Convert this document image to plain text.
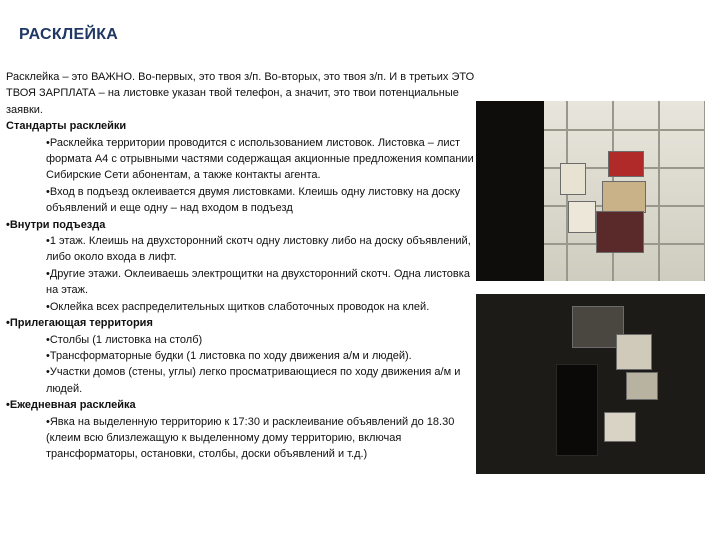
РАСКЛЕЙКА

Расклейка – это ВАЖНО. Во-первых, это твоя з/п. Во-вторых, это твоя з/п. И в третьих ЭТО ТВОЯ ЗАРПЛАТА – на листовке указан твой телефон, а значит, это твои потенциальные заявки.

Стандарты расклейки

•Расклейка территории проводится с использованием листовок. Листовка – лист формата А4 с отрывными частями содержащая акционные предложения компании Сибирские Сети абонентам, а также контакты агента.

•Вход в подъезд оклеивается двумя листовками. Клеишь одну листовку на доску объявлений и еще одну – над входом в подъезд

•Внутри подъезда

•1 этаж. Клеишь на двухсторонний скотч одну листовку либо на доску объявлений, либо около входа в лифт.

•Другие этажи. Оклеиваешь электрощитки на двухсторонний скотч. Одна листовка на этаж.

•Оклейка всех распределительных щитков слаботочных проводок на клей.

•Прилегающая территория

•Столбы (1 листовка на столб)

•Трансформаторные будки (1 листовка по ходу движения а/м и людей).

•Участки домов (стены, углы) легко просматривающиеся по ходу движения а/м и людей.

•Ежедневная расклейка

•Явка на выделенную территорию к 17:30 и расклеивание объявлений до 18.30 (клеим всю близлежащую к выделенному дому территорию, включая трансформаторы, остановки, столбы, доски объявлений и т.д.)
